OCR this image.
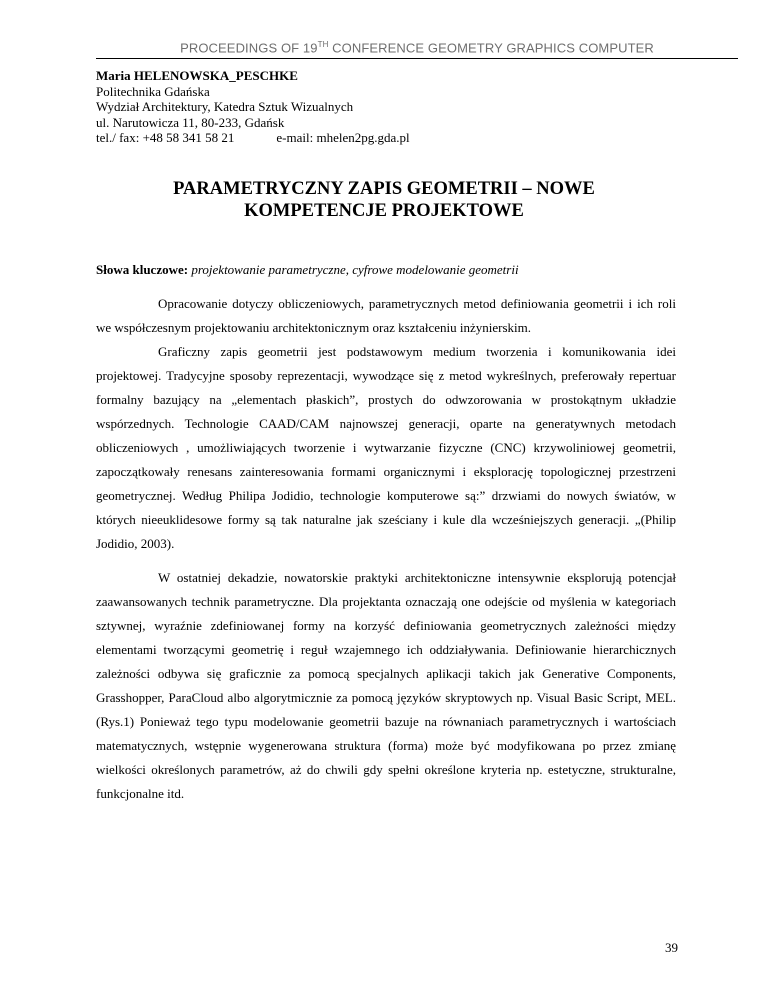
PROCEEDINGS OF 19TH CONFERENCE GEOMETRY GRAPHICS COMPUTER
Maria HELENOWSKA_PESCHKE
Politechnika Gdańska
Wydział Architektury, Katedra Sztuk Wizualnych
ul. Narutowicza 11, 80-233, Gdańsk
tel./ fax: +48 58 341 58 21	e-mail: mhelen2pg.gda.pl
PARAMETRYCZNY ZAPIS GEOMETRII – NOWE
KOMPETENCJE PROJEKTOWE
Słowa kluczowe: projektowanie parametryczne, cyfrowe modelowanie geometrii

Opracowanie dotyczy obliczeniowych, parametrycznych metod definiowania geometrii i ich roli we współczesnym projektowaniu architektonicznym oraz kształceniu inżynierskim.

Graficzny zapis geometrii jest podstawowym medium tworzenia i komunikowania idei projektowej. Tradycyjne sposoby reprezentacji, wywodzące się z metod wykreślnych, preferowały repertuar formalny bazujący na „elementach płaskich”, prostych do odwzorowania w prostokątnym układzie wspórzednych. Technologie CAAD/CAM najnowszej generacji, oparte na generatywnych metodach obliczeniowych , umożliwiających tworzenie i wytwarzanie fizyczne (CNC) krzywoliniowej geometrii, zapoczątkowały renesans zainteresowania formami organicznymi i eksplorację topologicznej przestrzeni geometrycznej. Według Philipa Jodidio, technologie komputerowe są:” drzwiami do nowych światów, w których nieeuklidesowe formy są tak naturalne jak sześciany i kule dla wcześniejszych generacji. „(Philip Jodidio, 2003).

W ostatniej dekadzie, nowatorskie praktyki architektoniczne intensywnie eksplorują potencjał zaawansowanych technik parametryczne. Dla projektanta oznaczają one odejście od myślenia w kategoriach sztywnej, wyraźnie zdefiniowanej formy na korzyść definiowania geometrycznych zależności między elementami tworzącymi geometrię i reguł wzajemnego ich oddziaływania. Definiowanie hierarchicznych zależności odbywa się graficznie za pomocą specjalnych aplikacji takich jak Generative Components, Grasshopper, ParaCloud albo algorytmicznie za pomocą języków skryptowych np. Visual Basic Script, MEL. (Rys.1) Ponieważ tego typu modelowanie geometrii bazuje na równaniach parametrycznych i wartościach matematycznych, wstępnie wygenerowana struktura (forma) może być modyfikowana po przez zmianę wielkości określonych parametrów, aż do chwili gdy spełni określone kryteria np. estetyczne, strukturalne, funkcjonalne itd.

39
